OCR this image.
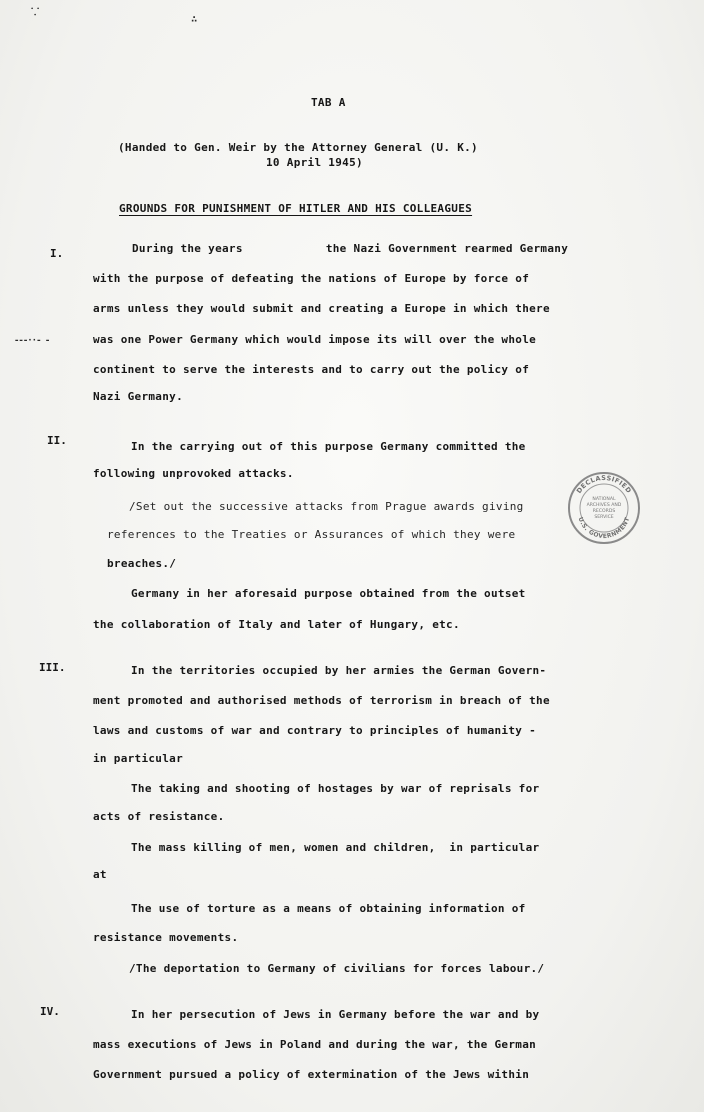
⸪
∴
---··- -
TAB A
(Handed to Gen. Weir by the Attorney General (U. K.)
10 April 1945)
GROUNDS FOR PUNISHMENT OF HITLER AND HIS COLLEAGUES
I.	During the years            the Nazi Government rearmed Germany
with the purpose of defeating the nations of Europe by force of
arms unless they would submit and creating a Europe in which there
was one Power Germany which would impose its will over the whole
continent to serve the interests and to carry out the policy of
Nazi Germany.
II.	In the carrying out of this purpose Germany committed the
following unprovoked attacks.
/Set out the successive attacks from Prague awards giving
references to the Treaties or Assurances of which they were
breaches./
Germany in her aforesaid purpose obtained from the outset
the collaboration of Italy and later of Hungary, etc.
III.	In the territories occupied by her armies the German Govern-
ment promoted and authorised methods of terrorism in breach of the
laws and customs of war and contrary to principles of humanity -
in particular
The taking and shooting of hostages by war of reprisals for
acts of resistance.
The mass killing of men, women and children,  in particular
at
The use of torture as a means of obtaining information of
resistance movements.
/The deportation to Germany of civilians for forces labour./
IV.	In her persecution of Jews in Germany before the war and by
mass executions of Jews in Poland and during the war, the German
Government pursued a policy of extermination of the Jews within
DECLASSIFIED
U.S. GOVERNMENT
NATIONAL
ARCHIVES AND
RECORDS
SERVICE
